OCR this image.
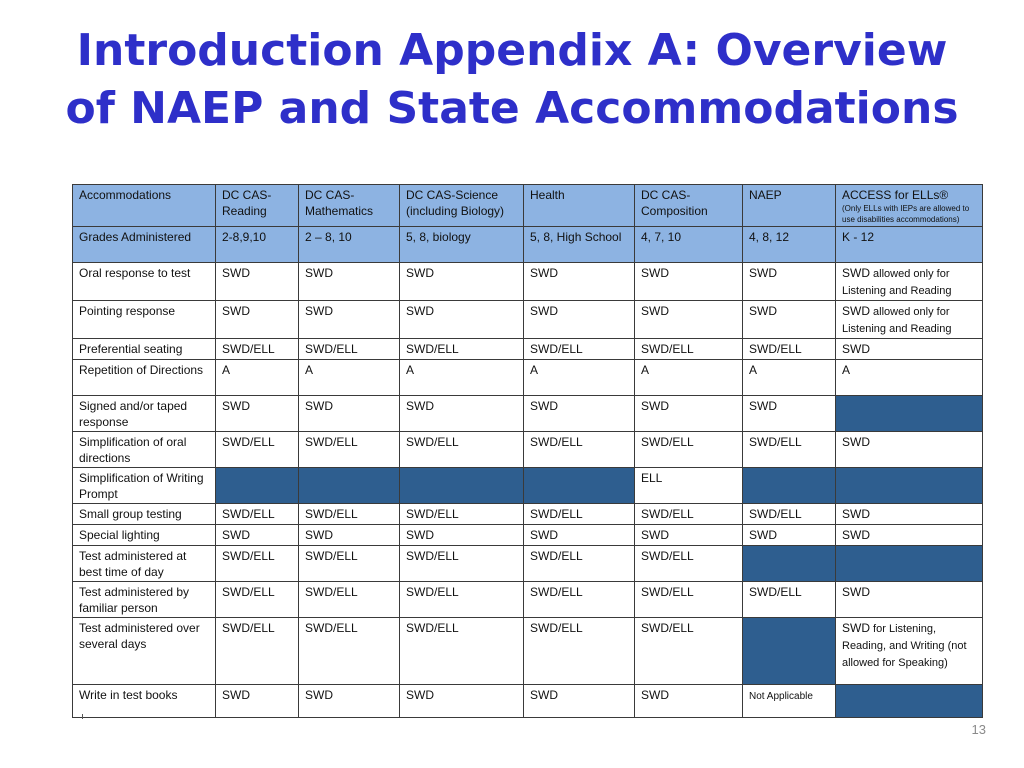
Introduction Appendix A: Overview
of NAEP and State Accommodations
Accommodations	DC CAS-Reading	DC CAS-Mathematics	DC CAS-Science (including Biology)	Health	DC CAS-Composition	NAEP	ACCESS for ELLs®
(Only ELLs with IEPs are allowed to use disabilities accommodations)

Grades Administered	2-8,9,10	2 – 8, 10	5, 8, biology	5, 8, High School	4, 7, 10	4, 8, 12	K - 12
Oral response to test	SWD	SWD	SWD	SWD	SWD	SWD	SWD allowed only for Listening and Reading
Pointing response	SWD	SWD	SWD	SWD	SWD	SWD	SWD allowed only for Listening and Reading
Preferential seating	SWD/ELL	SWD/ELL	SWD/ELL	SWD/ELL	SWD/ELL	SWD/ELL	SWD
Repetition of Directions	A	A	A	A	A	A	A
Signed and/or taped response	SWD	SWD	SWD	SWD	SWD	SWD	
Simplification of oral directions	SWD/ELL	SWD/ELL	SWD/ELL	SWD/ELL	SWD/ELL	SWD/ELL	SWD
Simplification of Writing Prompt					ELL		
Small group testing	SWD/ELL	SWD/ELL	SWD/ELL	SWD/ELL	SWD/ELL	SWD/ELL	SWD
Special lighting	SWD	SWD	SWD	SWD	SWD	SWD	SWD
Test administered at best time of day	SWD/ELL	SWD/ELL	SWD/ELL	SWD/ELL	SWD/ELL		
Test administered by familiar person	SWD/ELL	SWD/ELL	SWD/ELL	SWD/ELL	SWD/ELL	SWD/ELL	SWD
Test administered over several days	SWD/ELL	SWD/ELL	SWD/ELL	SWD/ELL	SWD/ELL		SWD for Listening, Reading, and Writing (not allowed for Speaking)
Write in test books	SWD	SWD	SWD	SWD	SWD	Not Applicable	
13
